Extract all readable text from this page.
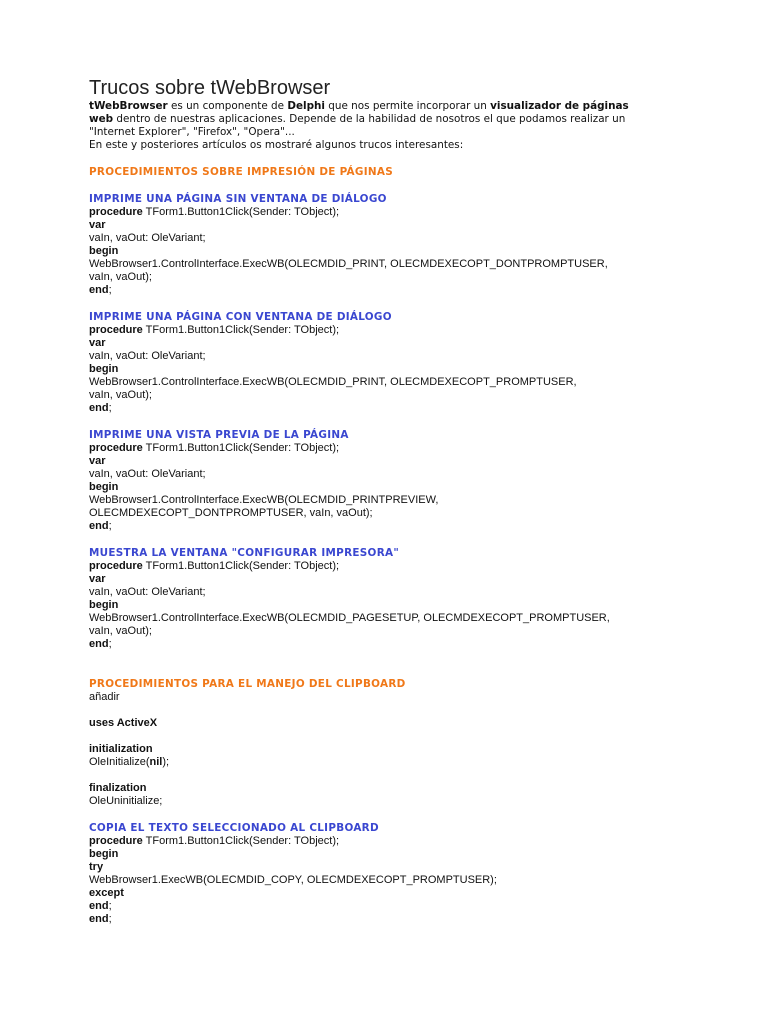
Trucos sobre tWebBrowser
tWebBrowser es un componente de Delphi que nos permite incorporar un visualizador de páginas
web dentro de nuestras aplicaciones. Depende de la habilidad de nosotros el que podamos realizar un
"Internet Explorer", "Firefox", "Opera"...
En este y posteriores artículos os mostraré algunos trucos interesantes:
PROCEDIMIENTOS SOBRE IMPRESIÓN DE PÁGINAS
IMPRIME UNA PÁGINA SIN VENTANA DE DIÁLOGO
procedure TForm1.Button1Click(Sender: TObject);
var
vaIn, vaOut: OleVariant;
begin
WebBrowser1.ControlInterface.ExecWB(OLECMDID_PRINT, OLECMDEXECOPT_DONTPROMPTUSER,
vaIn, vaOut);
end;
IMPRIME UNA PÁGINA CON VENTANA DE DIÁLOGO
procedure TForm1.Button1Click(Sender: TObject);
var
vaIn, vaOut: OleVariant;
begin
WebBrowser1.ControlInterface.ExecWB(OLECMDID_PRINT, OLECMDEXECOPT_PROMPTUSER,
vaIn, vaOut);
end;
IMPRIME UNA VISTA PREVIA DE LA PÁGINA
procedure TForm1.Button1Click(Sender: TObject);
var
vaIn, vaOut: OleVariant;
begin
WebBrowser1.ControlInterface.ExecWB(OLECMDID_PRINTPREVIEW,
OLECMDEXECOPT_DONTPROMPTUSER, vaIn, vaOut);
end;
MUESTRA LA VENTANA "CONFIGURAR IMPRESORA"
procedure TForm1.Button1Click(Sender: TObject);
var
vaIn, vaOut: OleVariant;
begin
WebBrowser1.ControlInterface.ExecWB(OLECMDID_PAGESETUP, OLECMDEXECOPT_PROMPTUSER,
vaIn, vaOut);
end;
PROCEDIMIENTOS PARA EL MANEJO DEL CLIPBOARD
añadir
uses ActiveX
initialization
OleInitialize(nil);
finalization
OleUninitialize;
COPIA EL TEXTO SELECCIONADO AL CLIPBOARD
procedure TForm1.Button1Click(Sender: TObject);
begin
try
WebBrowser1.ExecWB(OLECMDID_COPY, OLECMDEXECOPT_PROMPTUSER);
except
end;
end;
